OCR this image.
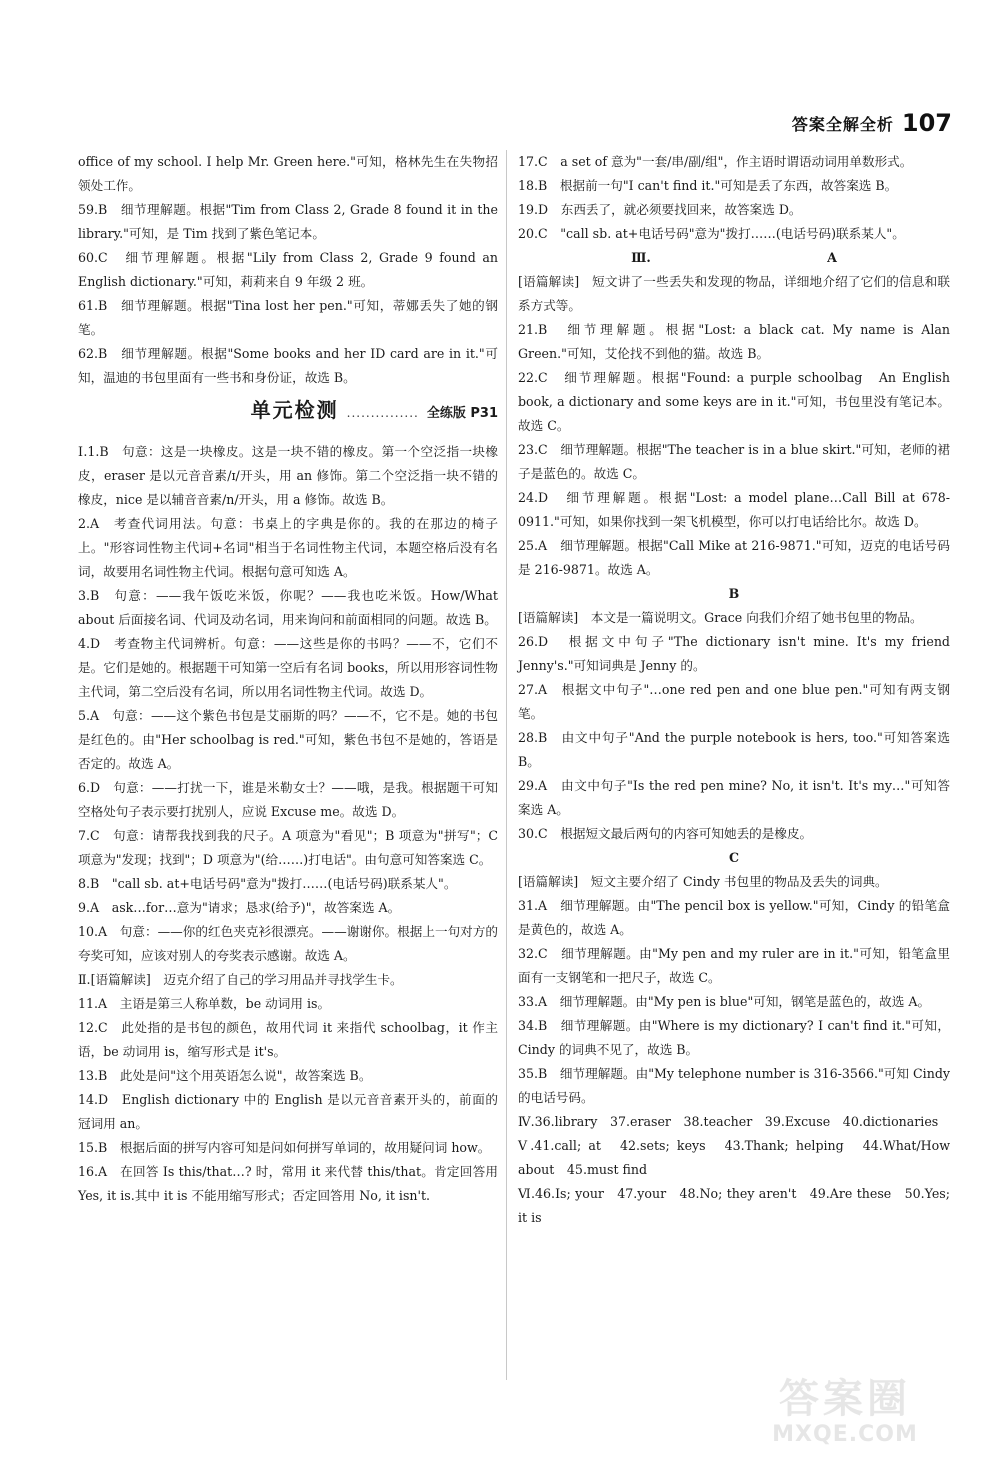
答案全解全析 107

office of my school. I help Mr. Green here."可知，格林先生在失物招领处工作。

59.B　细节理解题。根据"Tim from Class 2, Grade 8 found it in the library."可知，是 Tim 找到了紫色笔记本。

60.C　细节理解题。根据"Lily from Class 2, Grade 9 found an English dictionary."可知，莉莉来自 9 年级 2 班。

61.B　细节理解题。根据"Tina lost her pen."可知，蒂娜丢失了她的钢笔。

62.B　细节理解题。根据"Some books and her ID card are in it."可知，温迪的书包里面有一些书和身份证，故选 B。

单元检测 ............... 全练版 P31

Ⅰ.1.B　句意：这是一块橡皮。这是一块不错的橡皮。第一个空泛指一块橡皮，eraser 是以元音音素/ɪ/开头，用 an 修饰。第二个空泛指一块不错的橡皮，nice 是以辅音音素/n/开头，用 a 修饰。故选 B。

2.A　考查代词用法。句意：书桌上的字典是你的。我的在那边的椅子上。"形容词性物主代词+名词"相当于名词性物主代词，本题空格后没有名词，故要用名词性物主代词。根据句意可知选 A。

3.B　句意：——我午饭吃米饭，你呢？——我也吃米饭。How/What about 后面接名词、代词及动名词，用来询问和前面相同的问题。故选 B。

4.D　考查物主代词辨析。句意：——这些是你的书吗？——不，它们不是。它们是她的。根据题干可知第一空后有名词 books，所以用形容词性物主代词，第二空后没有名词，所以用名词性物主代词。故选 D。

5.A　句意：——这个紫色书包是艾丽斯的吗？——不，它不是。她的书包是红色的。由"Her schoolbag is red."可知，紫色书包不是她的，答语是否定的。故选 A。

6.D　句意：——打扰一下，谁是米勒女士？——哦，是我。根据题干可知空格处句子表示要打扰别人，应说 Excuse me。故选 D。

7.C　句意：请帮我找到我的尺子。A 项意为"看见"；B 项意为"拼写"；C 项意为"发现；找到"；D 项意为"(给……)打电话"。由句意可知答案选 C。

8.B　"call sb. at+电话号码"意为"拨打……(电话号码)联系某人"。

9.A　ask…for…意为"请求；恳求(给予)"，故答案选 A。

10.A　句意：——你的红色夹克衫很漂亮。——谢谢你。根据上一句对方的夸奖可知，应该对别人的夸奖表示感谢。故选 A。

Ⅱ.[语篇解读]　迈克介绍了自己的学习用品并寻找学生卡。

11.A　主语是第三人称单数，be 动词用 is。

12.C　此处指的是书包的颜色，故用代词 it 来指代 schoolbag，it 作主语，be 动词用 is，缩写形式是 it's。

13.B　此处是问"这个用英语怎么说"，故答案选 B。

14.D　English dictionary 中的 English 是以元音音素开头的，前面的冠词用 an。

15.B　根据后面的拼写内容可知是问如何拼写单词的，故用疑问词 how。

16.A　在回答 Is this/that…? 时，常用 it 来代替 this/that。肯定回答用 Yes, it is.其中 it is 不能用缩写形式；否定回答用 No, it isn't.

17.C　a set of 意为"一套/串/副/组"，作主语时谓语动词用单数形式。

18.B　根据前一句"I can't find it."可知是丢了东西，故答案选 B。

19.D　东西丢了，就必须要找回来，故答案选 D。

20.C　"call sb. at+电话号码"意为"拨打……(电话号码)联系某人"。

Ⅲ.　　　　　　　　　　　　　　A

[语篇解读]　短文讲了一些丢失和发现的物品，详细地介绍了它们的信息和联系方式等。

21.B　细节理解题。根据"Lost: a black cat. My name is Alan Green."可知，艾伦找不到他的猫。故选 B。

22.C　细节理解题。根据"Found: a purple schoolbag　An English book, a dictionary and some keys are in it."可知，书包里没有笔记本。故选 C。

23.C　细节理解题。根据"The teacher is in a blue skirt."可知，老师的裙子是蓝色的。故选 C。

24.D　细节理解题。根据"Lost: a model plane…Call Bill at 678-0911."可知，如果你找到一架飞机模型，你可以打电话给比尔。故选 D。

25.A　细节理解题。根据"Call Mike at 216-9871."可知，迈克的电话号码是 216-9871。故选 A。

B

[语篇解读]　本文是一篇说明文。Grace 向我们介绍了她书包里的物品。

26.D　根据文中句子"The dictionary isn't mine. It's my friend Jenny's."可知词典是 Jenny 的。

27.A　根据文中句子"…one red pen and one blue pen."可知有两支钢笔。

28.B　由文中句子"And the purple notebook is hers, too."可知答案选 B。

29.A　由文中句子"Is the red pen mine? No, it isn't. It's my…"可知答案选 A。

30.C　根据短文最后两句的内容可知她丢的是橡皮。

C

[语篇解读]　短文主要介绍了 Cindy 书包里的物品及丢失的词典。

31.A　细节理解题。由"The pencil box is yellow."可知，Cindy 的铅笔盒是黄色的，故选 A。

32.C　细节理解题。由"My pen and my ruler are in it."可知，铅笔盒里面有一支钢笔和一把尺子，故选 C。

33.A　细节理解题。由"My pen is blue"可知，钢笔是蓝色的，故选 A。

34.B　细节理解题。由"Where is my dictionary? I can't find it."可知，Cindy 的词典不见了，故选 B。

35.B　细节理解题。由"My telephone number is 316-3566."可知 Cindy 的电话号码。

Ⅳ.36.library　37.eraser　38.teacher　39.Excuse　40.dictionaries

Ⅴ.41.call; at　42.sets; keys　43.Thank; helping　44.What/How about　45.must find

Ⅵ.46.Is; your　47.your　48.No; they aren't　49.Are these　50.Yes; it is

答案圈
MXQE.COM
